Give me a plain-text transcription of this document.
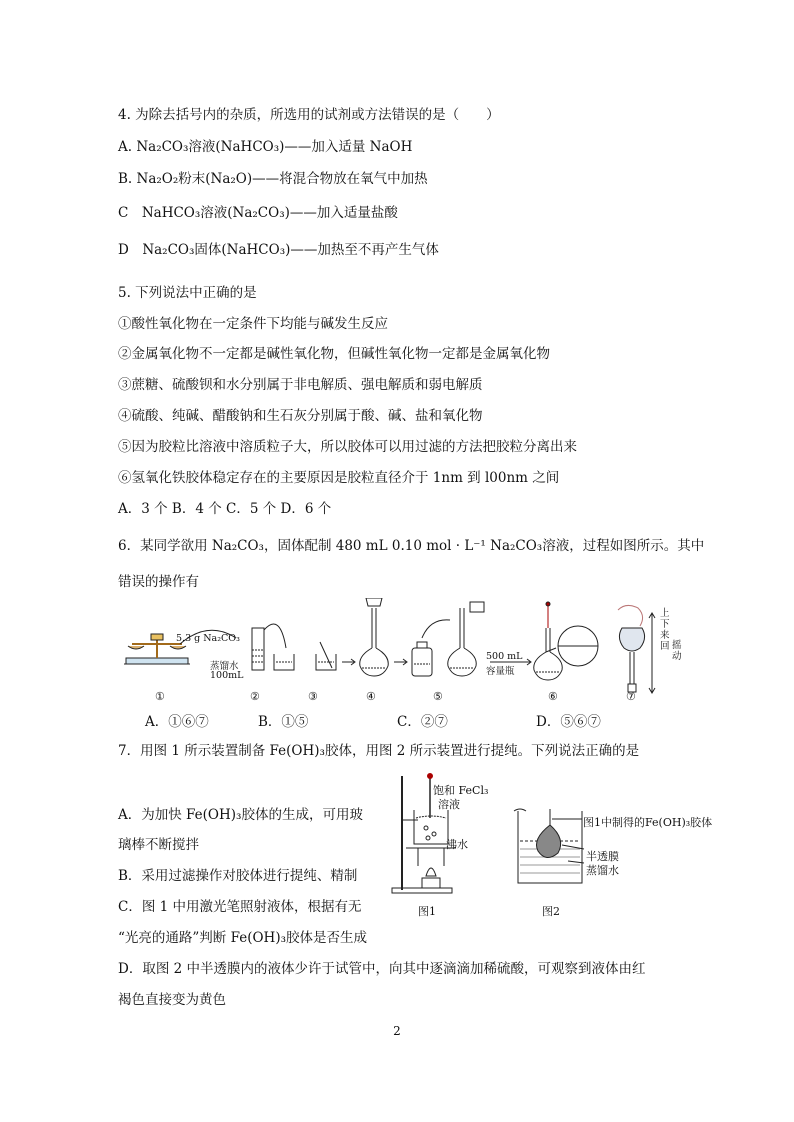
4. 为除去括号内的杂质，所选用的试剂或方法错误的是（　　）
A. Na₂CO₃溶液(NaHCO₃)——加入适量 NaOH
B. Na₂O₂粉末(Na₂O)——将混合物放在氧气中加热
C　NaHCO₃溶液(Na₂CO₃)——加入适量盐酸
D　Na₂CO₃固体(NaHCO₃)——加热至不再产生气体
5. 下列说法中正确的是
①酸性氧化物在一定条件下均能与碱发生反应
②金属氧化物不一定都是碱性氧化物，但碱性氧化物一定都是金属氧化物
③蔗糖、硫酸钡和水分别属于非电解质、强电解质和弱电解质
④硫酸、纯碱、醋酸钠和生石灰分别属于酸、碱、盐和氧化物
⑤因为胶粒比溶液中溶质粒子大，所以胶体可以用过滤的方法把胶粒分离出来
⑥氢氧化铁胶体稳定存在的主要原因是胶粒直径介于 1nm 到 l00nm 之间
A．3 个 B．4 个 C．5 个 D．6 个
6．某同学欲用 Na₂CO₃，固体配制 480 mL 0.10 mol · L⁻¹ Na₂CO₃溶液，过程如图所示。其中
错误的操作有
5.3 g Na₂CO₃
蒸馏水
100mL
500 mL
容量瓶
上下来回 摇动
①	②	③	④	⑤	⑥	⑦
A．①⑥⑦	B．①⑤	C．②⑦	D．⑤⑥⑦
7．用图 1 所示装置制备 Fe(OH)₃胶体，用图 2 所示装置进行提纯。下列说法正确的是
A．为加快 Fe(OH)₃胶体的生成，可用玻
璃棒不断搅拌
B．采用过滤操作对胶体进行提纯、精制
C．图 1 中用激光笔照射液体，根据有无
“光亮的通路”判断 Fe(OH)₃胶体是否生成
D．取图 2 中半透膜内的液体少许于试管中，向其中逐滴滴加稀硫酸，可观察到液体由红
褐色直接变为黄色
饱和 FeCl₃
溶液
沸水
图1
图1中制得的Fe(OH)₃胶体
半透膜
蒸馏水
图2
2
